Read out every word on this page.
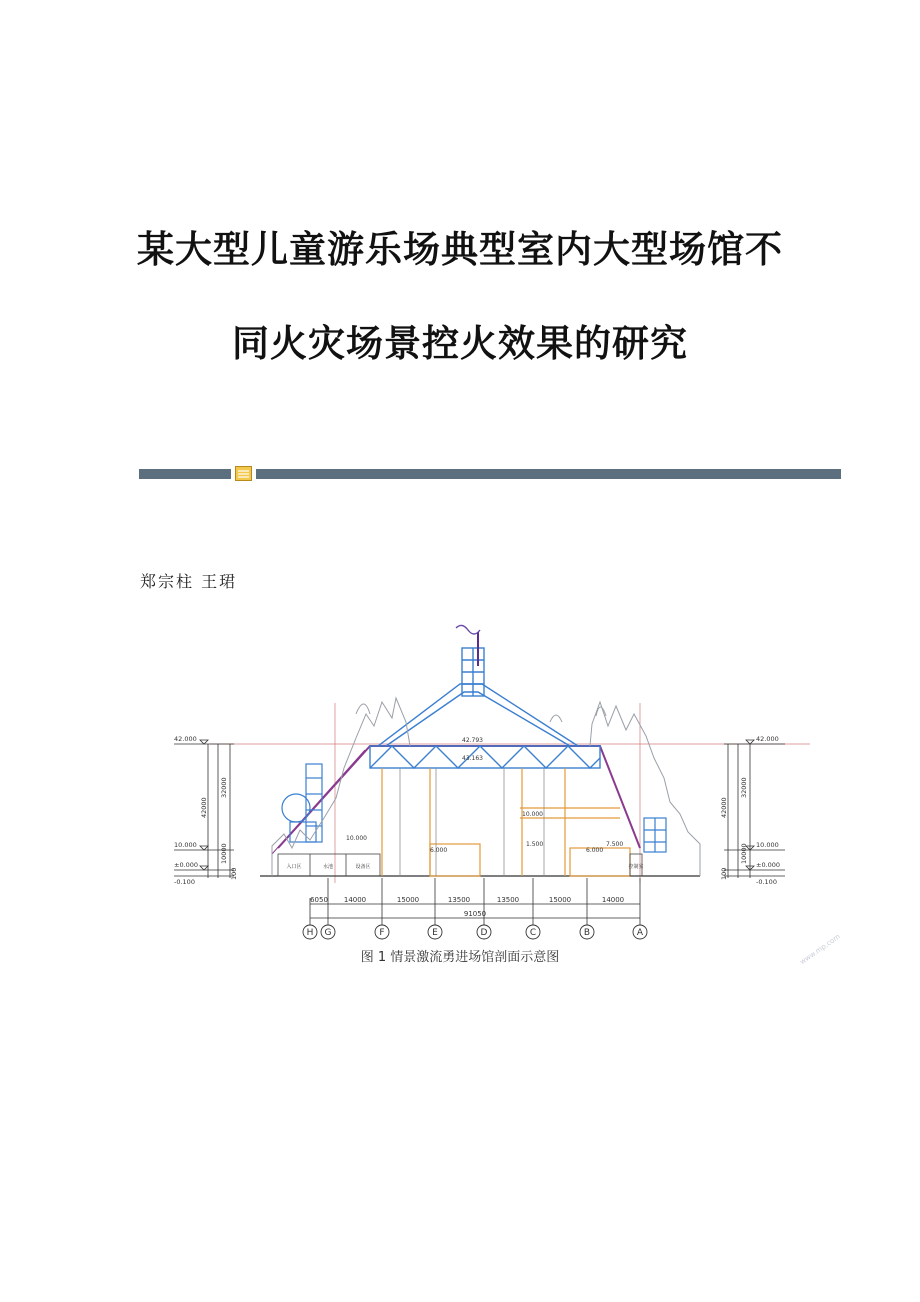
某大型儿童游乐场典型室内大型场馆不
同火灾场景控火效果的研究
郑宗柱 王珺
H G	F	E	D	C	B	A
6050 14000	15000	13500	13500	15000	14000
91050
42.000
10.000
±0.000
-0.100
42.000
10.000
±0.000
-0.100
42000
32000
10000
100
42000
32000
10000
100
42.793
43.163
10.000
10.000
6.000	6.000
7.500
1.500
入口区	水池	设备区	控制室
图 1 情景激流勇进场馆剖面示意图	www.mp.com
